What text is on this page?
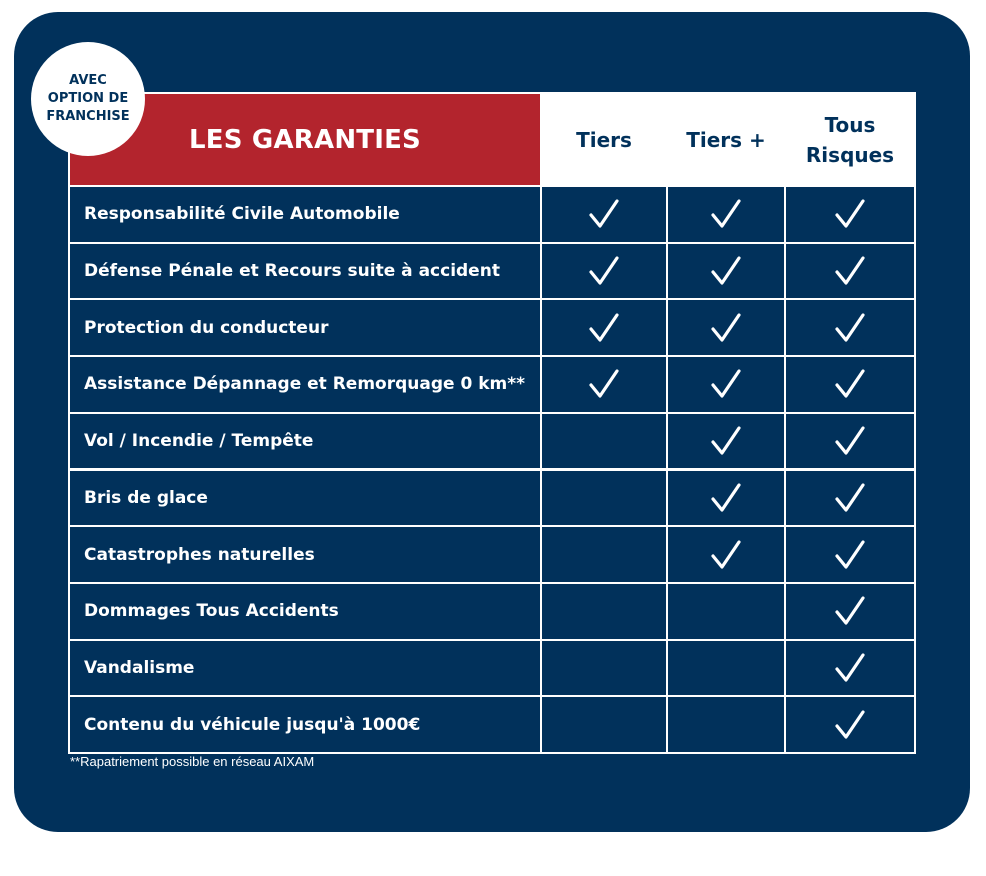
AVEC
OPTION DE
FRANCHISE
LES GARANTIES	Tiers	Tiers +
Tous
Risques
Responsabilité Civile Automobile
Défense Pénale et Recours suite à accident
Protection du conducteur
Assistance Dépannage et Remorquage 0 km**
Vol / Incendie / Tempête
Bris de glace
Catastrophes naturelles
Dommages Tous Accidents
Vandalisme
Contenu du véhicule jusqu'à 1000€
**Rapatriement possible en réseau AIXAM
